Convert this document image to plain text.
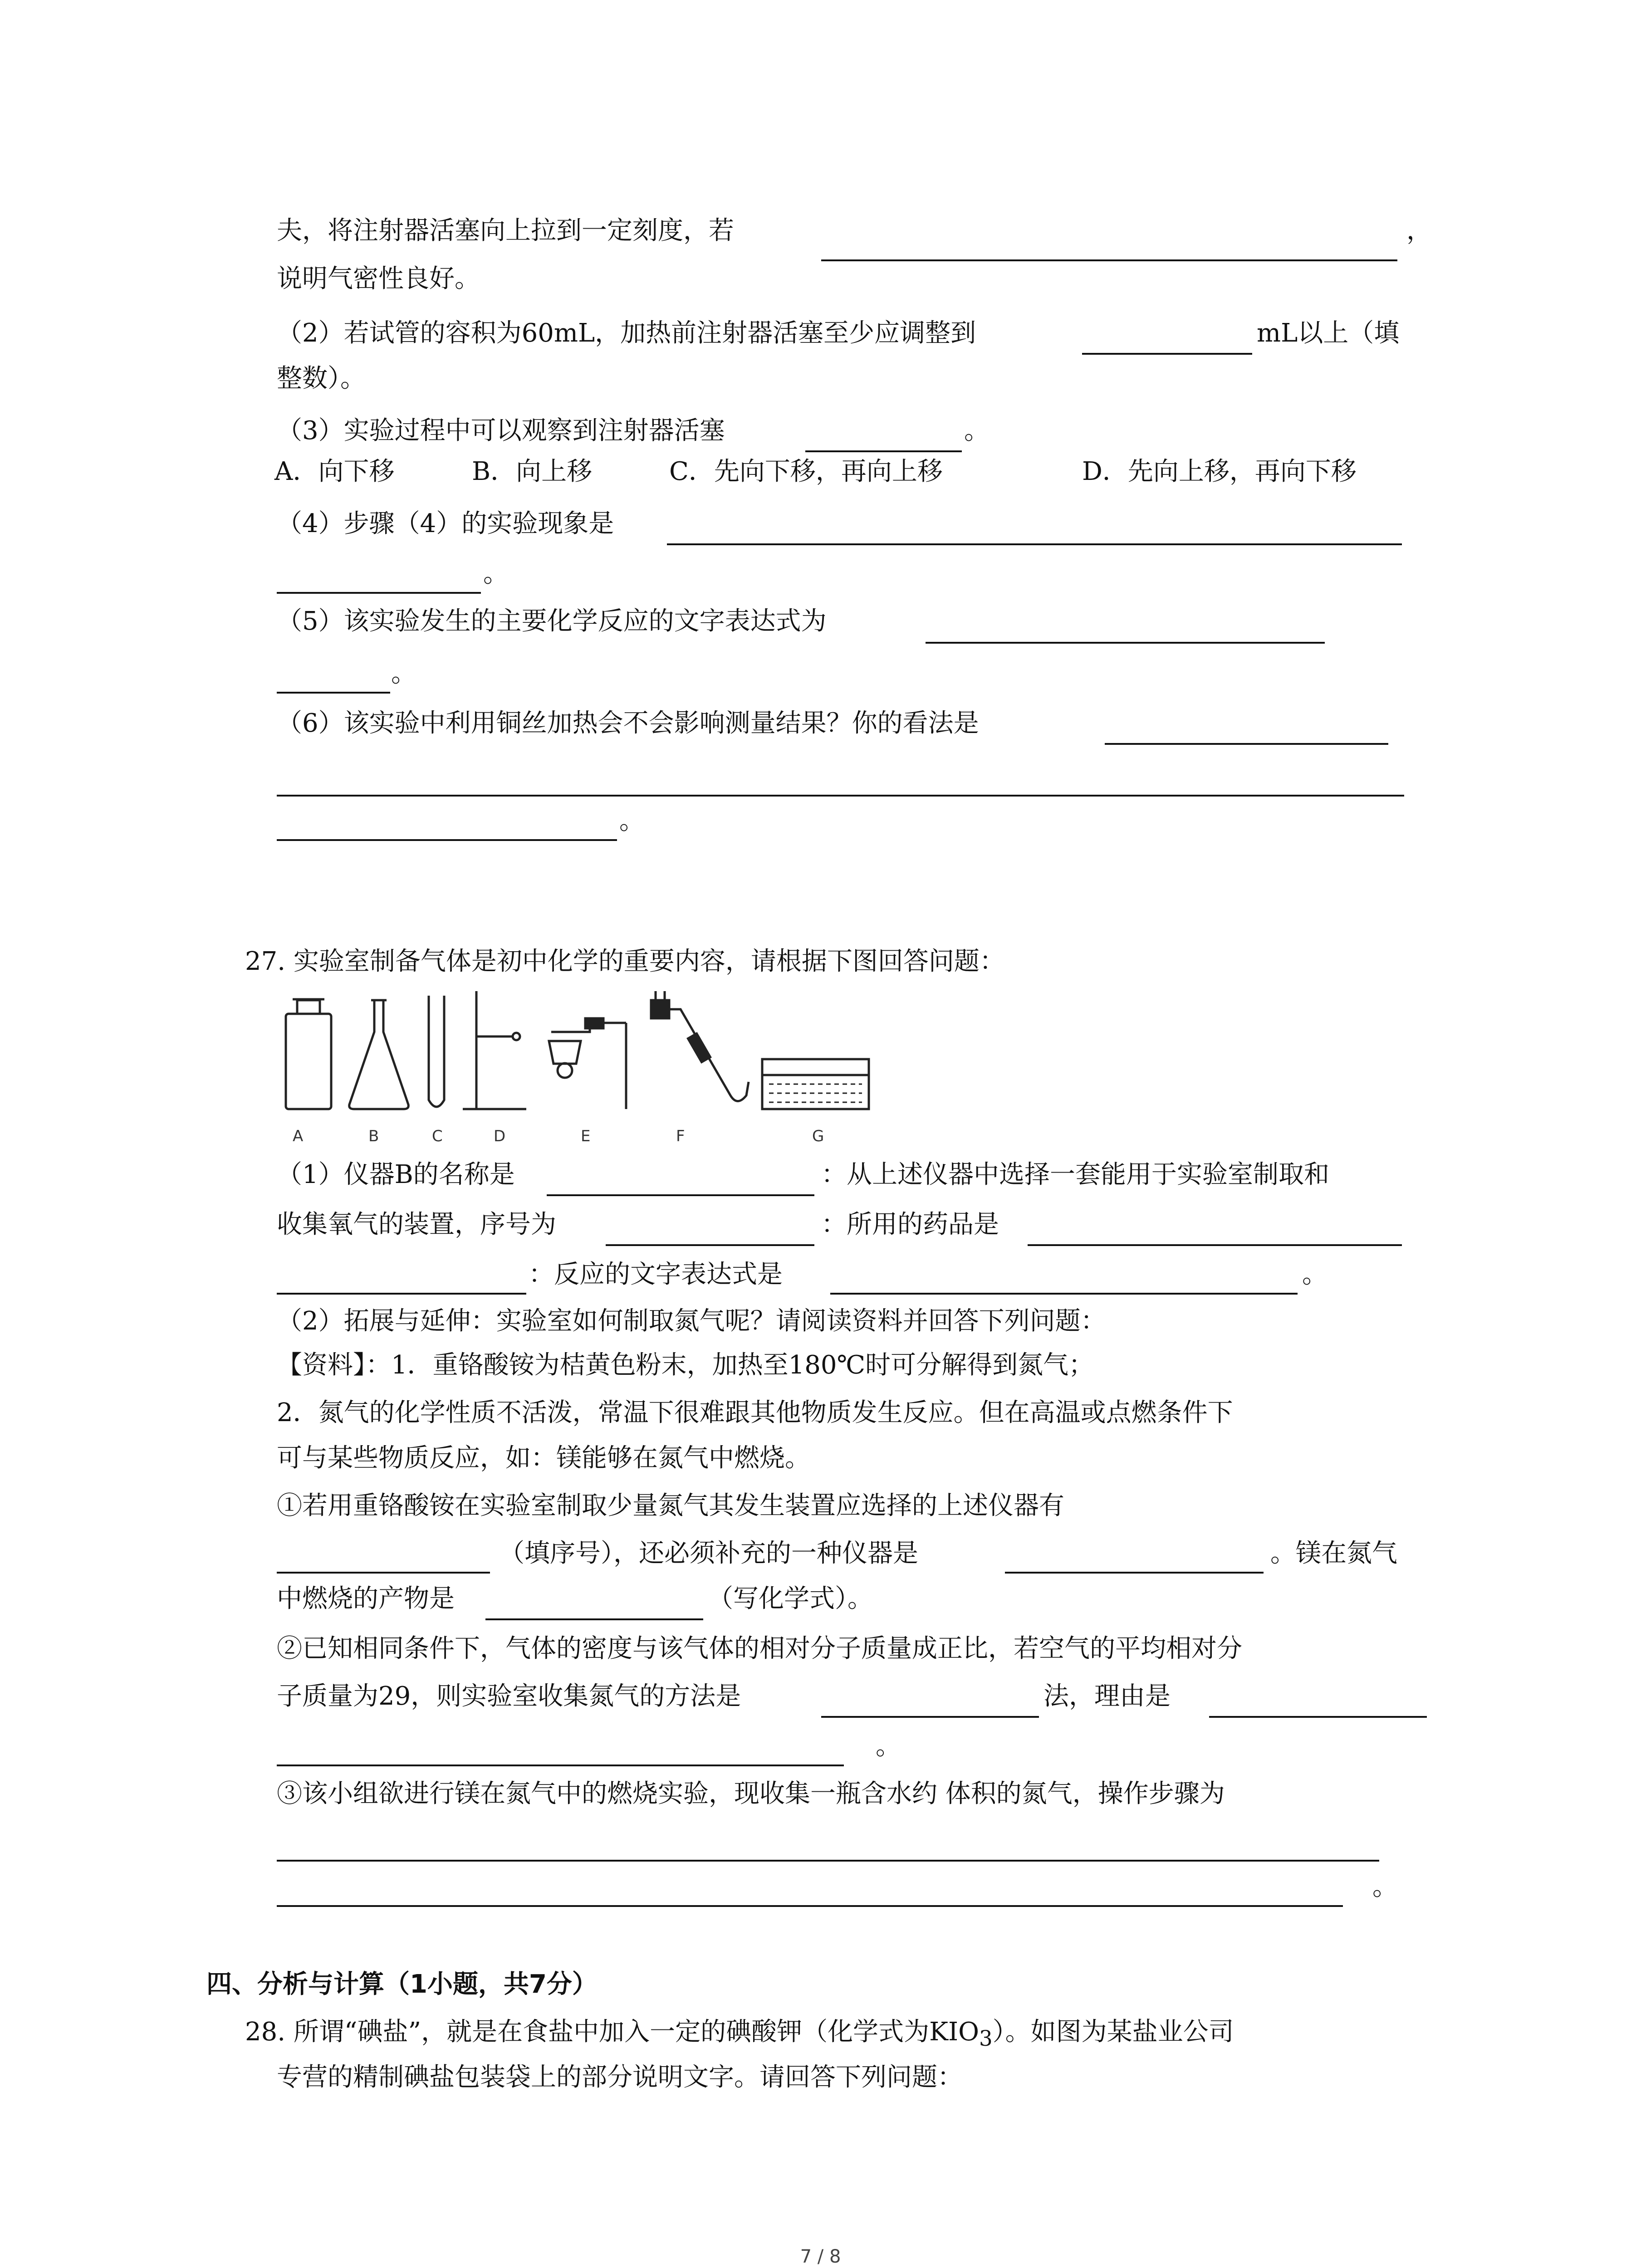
夫，将注射器活塞向上拉到一定刻度，若	，
说明气密性良好。
（2）若试管的容积为60mL，加热前注射器活塞至少应调整到	mL以上（填
整数）。
（3）实验过程中可以观察到注射器活塞	。
A．向下移	B．向上移	C．先向下移，再向上移	D．先向上移，再向下移
（4）步骤（4）的实验现象是
。
（5）该实验发生的主要化学反应的文字表达式为
。
（6）该实验中利用铜丝加热会不会影响测量结果？你的看法是
。
27. 实验室制备气体是初中化学的重要内容，请根据下图回答问题：
A	B	C	D	E	F	G
（1）仪器B的名称是	：从上述仪器中选择一套能用于实验室制取和
收集氧气的装置，序号为	：所用的药品是
：反应的文字表达式是	。
（2）拓展与延伸：实验室如何制取氮气呢？请阅读资料并回答下列问题：
【资料】：1．重铬酸铵为桔黄色粉末，加热至180℃时可分解得到氮气；
2．氮气的化学性质不活泼，常温下很难跟其他物质发生反应。但在高温或点燃条件下
可与某些物质反应，如：镁能够在氮气中燃烧。
①若用重铬酸铵在实验室制取少量氮气其发生装置应选择的上述仪器有
（填序号），还必须补充的一种仪器是	。镁在氮气
中燃烧的产物是	（写化学式）。
②已知相同条件下，气体的密度与该气体的相对分子质量成正比，若空气的平均相对分
子质量为29，则实验室收集氮气的方法是	法，理由是
。
③该小组欲进行镁在氮气中的燃烧实验，现收集一瓶含水约 体积的氮气，操作步骤为
。
四、分析与计算（1小题，共7分）
28. 所谓“碘盐”，就是在食盐中加入一定的碘酸钾（化学式为$KIO_3$）。如图为某盐业公司
专营的精制碘盐包装袋上的部分说明文字。请回答下列问题：
7 / 8
